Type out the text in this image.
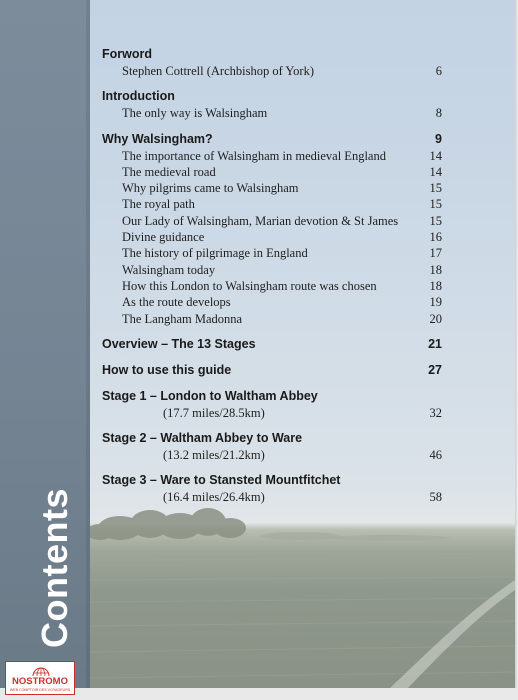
Contents
Forword
Stephen Cottrell (Archbishop of York)	6
Introduction
The only way is Walsingham	8
Why Walsingham?	9
The importance of Walsingham in medieval England	14
The medieval road	14
Why pilgrims came to Walsingham	15
The royal path	15
Our Lady of Walsingham, Marian devotion & St James	15
Divine guidance	16
The history of pilgrimage in England	17
Walsingham today	18
How this London to Walsingham route was chosen	18
As the route develops	19
The Langham Madonna	20
Overview – The 13 Stages	21
How to use this guide	27
Stage 1 – London to Waltham Abbey
(17.7 miles/28.5km)	32
Stage 2 – Waltham Abbey to Ware
(13.2 miles/21.2km)	46
Stage 3 – Ware to Stansted Mountfitchet
(16.4 miles/26.4km)	58
NOSTROMO
WEB COMPTOIR DES VOYAGEURS
